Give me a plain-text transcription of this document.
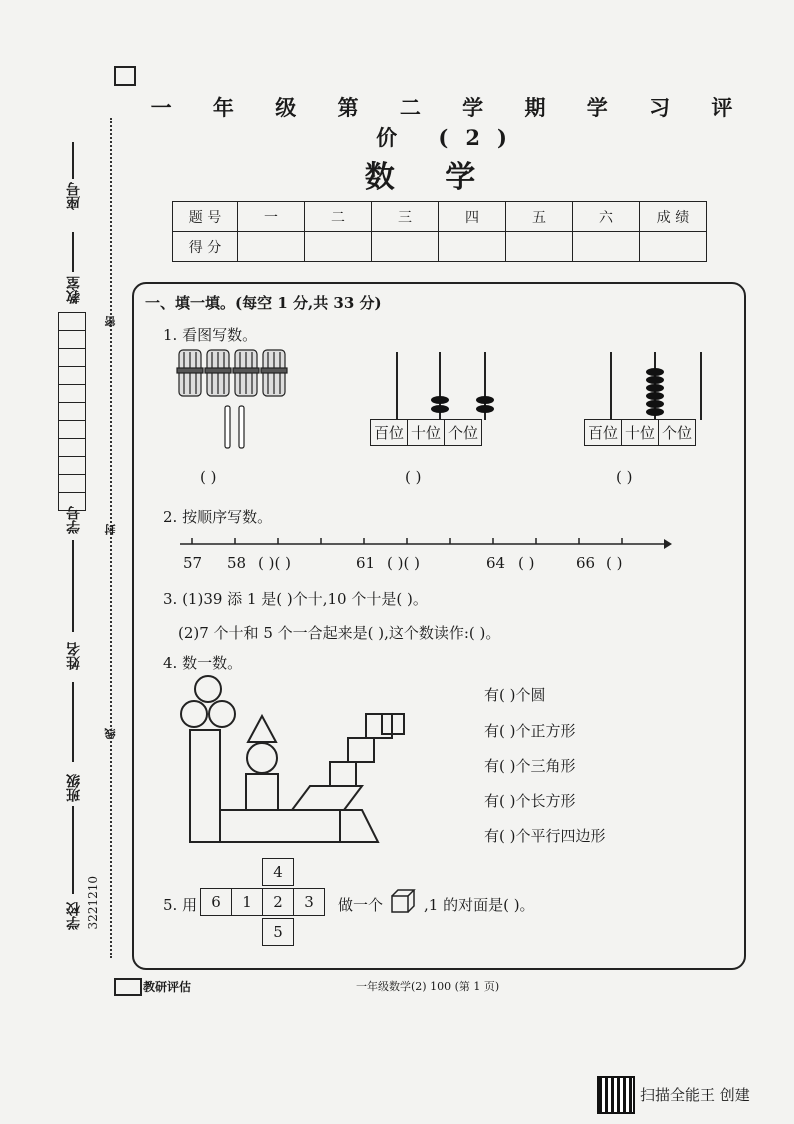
一 年 级 第 二 学 期 学 习 评 价 (2)
数 学
题 号	一	二	三	四	五	六	成 绩
得 分							
座号
教室
学号
姓名
班级
学校 3221210
密
封
线
一、填一填。(每空 1 分,共 33 分)
1. 看图写数。
( )
百位 十位 个位
( )
百位 十位 个位
( )
2. 按顺序写数。
57 58 ( )( )	61 ( )( )	64 ( )	66 ( )
3. (1)39 添 1 是( )个十,10 个十是( )。
(2)7 个十和 5 个一合起来是( ),这个数读作:( )。
4. 数一数。
有( )个圆
有( )个正方形
有( )个三角形
有( )个长方形
有( )个平行四边形
5. 用
4
6	1	2	3
5
做一个	,1 的对面是( )。
教研评估	一年级数学(2) 100 (第 1 页)
扫描全能王 创建
